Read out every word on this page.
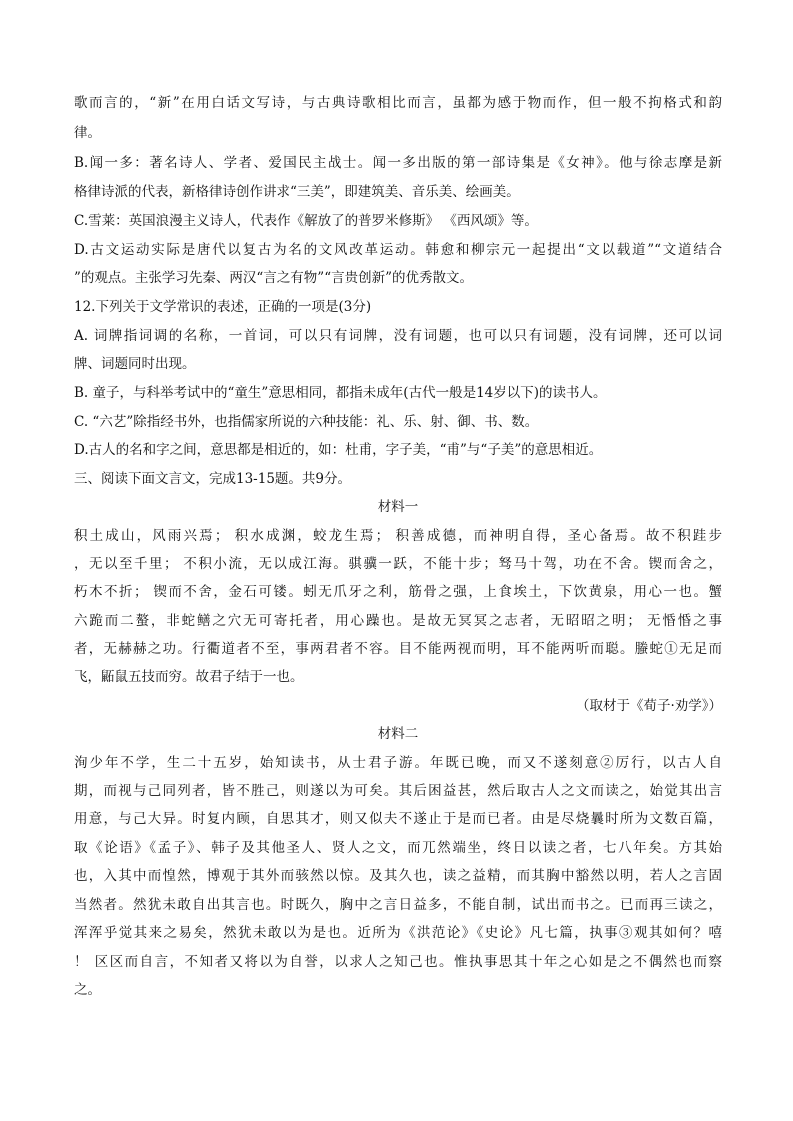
歌而言的，“新”在用白话文写诗，与古典诗歌相比而言，虽都为感于物而作，但一般不拘格式和韵
律。
B.闻一多：著名诗人、学者、爱国民主战士。闻一多出版的第一部诗集是《女神》。他与徐志摩是新
格律诗派的代表，新格律诗创作讲求“三美”，即建筑美、音乐美、绘画美。
C.雪莱：英国浪漫主义诗人，代表作《解放了的普罗米修斯》 《西风颂》等。
D.古文运动实际是唐代以复古为名的文风改革运动。韩愈和柳宗元一起提出“文以载道”“文道结合
”的观点。主张学习先秦、两汉“言之有物”“言贵创新”的优秀散文。
12.下列关于文学常识的表述，正确的一项是(3分)
A. 词牌指词调的名称，一首词，可以只有词牌，没有词题，也可以只有词题，没有词牌，还可以词
牌、词题同时出现。
B. 童子，与科举考试中的“童生”意思相同，都指未成年(古代一般是14岁以下)的读书人。
C. “六艺”除指经书外，也指儒家所说的六种技能：礼、乐、射、御、书、数。
D.古人的名和字之间，意思都是相近的，如：杜甫，字子美，“甫”与“子美”的意思相近。
三、阅读下面文言文，完成13-15题。共9分。
材料一
积土成山，风雨兴焉； 积水成渊，蛟龙生焉； 积善成德，而神明自得，圣心备焉。故不积跬步
，无以至千里； 不积小流，无以成江海。骐骥一跃，不能十步；驽马十驾，功在不舍。锲而舍之，
朽木不折； 锲而不舍，金石可镂。蚓无爪牙之利，筋骨之强，上食埃土，下饮黄泉，用心一也。蟹
六跪而二螯，非蛇鳝之穴无可寄托者，用心躁也。是故无冥冥之志者，无昭昭之明； 无惛惛之事
者，无赫赫之功。行衢道者不至，事两君者不容。目不能两视而明，耳不能两听而聪。螣蛇①无足而
飞，鼫鼠五技而穷。故君子结于一也。
（取材于《荀子·劝学》）
材料二
洵少年不学，生二十五岁，始知读书，从士君子游。年既已晚，而又不遂刻意②厉行，以古人自
期，而视与己同列者，皆不胜己，则遂以为可矣。其后困益甚，然后取古人之文而读之，始觉其出言
用意，与己大异。时复内顾，自思其才，则又似夫不遂止于是而已者。由是尽烧曩时所为文数百篇，
取《论语》《孟子》、韩子及其他圣人、贤人之文，而兀然端坐，终日以读之者，七八年矣。方其始
也，入其中而惶然，博观于其外而骇然以惊。及其久也，读之益精，而其胸中豁然以明，若人之言固
当然者。然犹未敢自出其言也。时既久，胸中之言日益多，不能自制，试出而书之。已而再三读之，
浑浑乎觉其来之易矣，然犹未敢以为是也。近所为《洪范论》《史论》凡七篇，执事③观其如何？嘻
！ 区区而自言，不知者又将以为自誉，以求人之知己也。惟执事思其十年之心如是之不偶然也而察
之。
